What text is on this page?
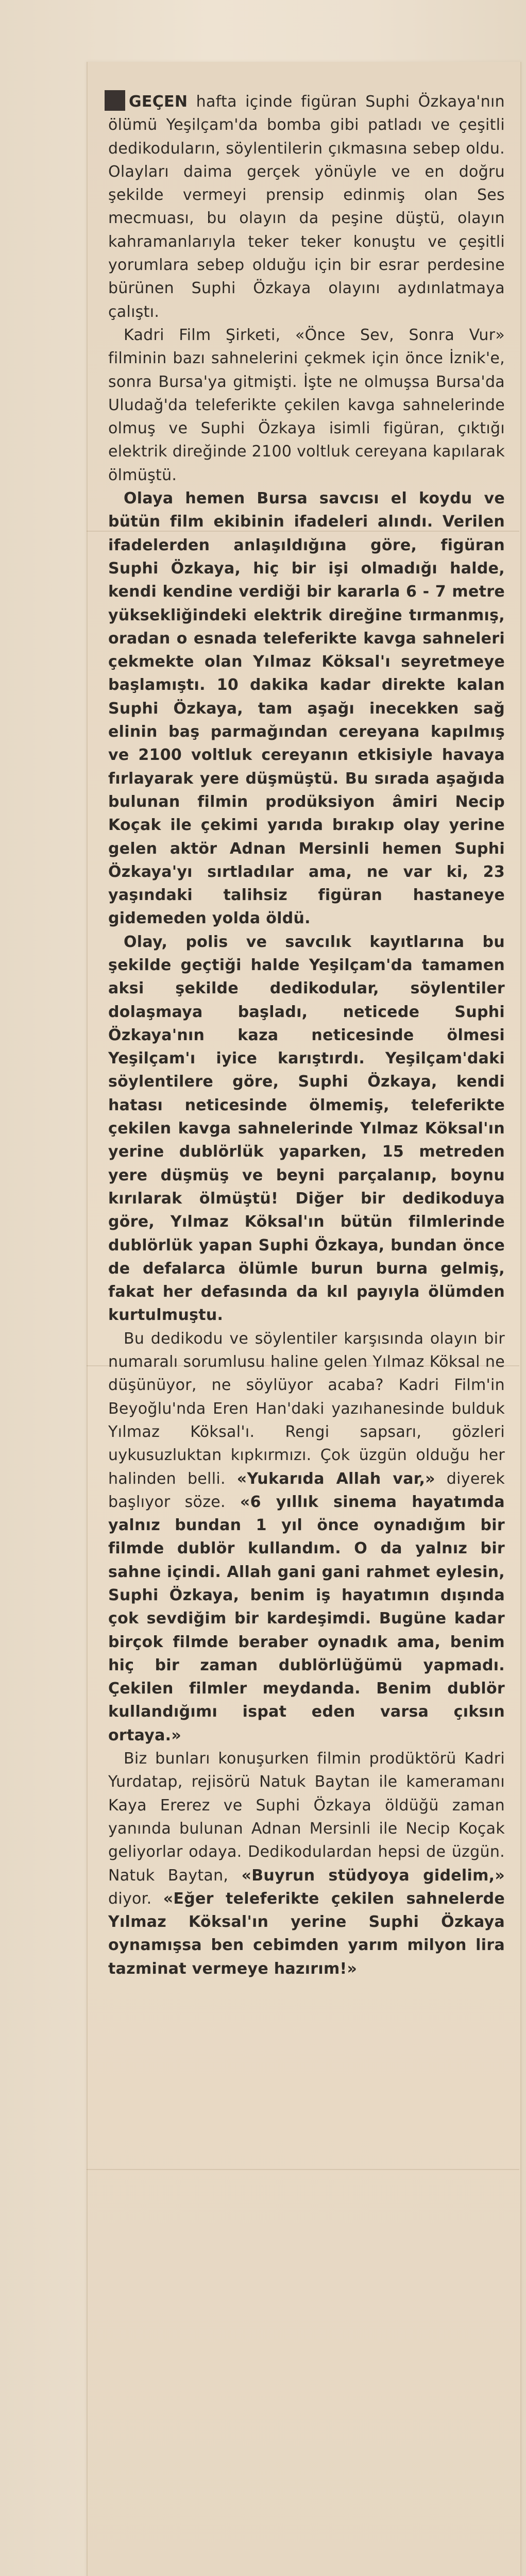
GEÇEN hafta içinde figüran Suphi Özkaya'nın ölümü Yeşilçam'da bomba gibi patladı ve çeşitli dedikoduların, söylentilerin çıkmasına sebep oldu. Olayları daima gerçek yönüyle ve en doğru şekilde vermeyi prensip edinmiş olan Ses mecmuası, bu olayın da peşine düştü, olayın kahramanlarıyla teker teker konuştu ve çeşitli yorumlara sebep olduğu için bir esrar perdesine bürünen Suphi Özkaya olayını aydınlatmaya çalıştı.

Kadri Film Şirketi, «Önce Sev, Sonra Vur» filminin bazı sahnelerini çekmek için önce İznik'e, sonra Bursa'ya gitmişti. İşte ne olmuşsa Bursa'da Uludağ'da teleferikte çekilen kavga sahnelerinde olmuş ve Suphi Özkaya isimli figüran, çıktığı elektrik direğinde 2100 voltluk cereyana kapılarak ölmüştü.

Olaya hemen Bursa savcısı el koydu ve bütün film ekibinin ifadeleri alındı. Verilen ifadelerden anlaşıldığına göre, figüran Suphi Özkaya, hiç bir işi olmadığı halde, kendi kendine verdiği bir kararla 6 - 7 metre yüksekliğindeki elektrik direğine tırmanmış, oradan o esnada teleferikte kavga sahneleri çekmekte olan Yılmaz Köksal'ı seyretmeye başlamıştı. 10 dakika kadar direkte kalan Suphi Özkaya, tam aşağı inecekken sağ elinin baş parmağından cereyana kapılmış ve 2100 voltluk cereyanın etkisiyle havaya fırlayarak yere düşmüştü. Bu sırada aşağıda bulunan filmin prodüksiyon âmiri Necip Koçak ile çekimi yarıda bırakıp olay yerine gelen aktör Adnan Mersinli hemen Suphi Özkaya'yı sırtladılar ama, ne var ki, 23 yaşındaki talihsiz figüran hastaneye gidemeden yolda öldü.

Olay, polis ve savcılık kayıtlarına bu şekilde geçtiği halde Yeşilçam'da tamamen aksi şekilde dedikodular, söylentiler dolaşmaya başladı, neticede Suphi Özkaya'nın kaza neticesinde ölmesi Yeşilçam'ı iyice karıştırdı. Yeşilçam'daki söylentilere göre, Suphi Özkaya, kendi hatası neticesinde ölmemiş, teleferikte çekilen kavga sahnelerinde Yılmaz Köksal'ın yerine dublörlük yaparken, 15 metreden yere düşmüş ve beyni parçalanıp, boynu kırılarak ölmüştü! Diğer bir dedikoduya göre, Yılmaz Köksal'ın bütün filmlerinde dublörlük yapan Suphi Özkaya, bundan önce de defalarca ölümle burun burna gelmiş, fakat her defasında da kıl payıyla ölümden kurtulmuştu.

Bu dedikodu ve söylentiler karşısında olayın bir numaralı sorumlusu haline gelen Yılmaz Köksal ne düşünüyor, ne söylüyor acaba? Kadri Film'in Beyoğlu'nda Eren Han'daki yazıhanesinde bulduk Yılmaz Köksal'ı. Rengi sapsarı, gözleri uykusuzluktan kıpkırmızı. Çok üzgün olduğu her halinden belli. «Yukarıda Allah var,» diyerek başlıyor söze. «6 yıllık sinema hayatımda yalnız bundan 1 yıl önce oynadığım bir filmde dublör kullandım. O da yalnız bir sahne içindi. Allah gani gani rahmet eylesin, Suphi Özkaya, benim iş hayatımın dışında çok sevdiğim bir kardeşimdi. Bugüne kadar birçok filmde beraber oynadık ama, benim hiç bir zaman dublörlüğümü yapmadı. Çekilen filmler meydanda. Benim dublör kullandığımı ispat eden varsa çıksın ortaya.»

Biz bunları konuşurken filmin prodüktörü Kadri Yurdatap, rejisörü Natuk Baytan ile kameramanı Kaya Ererez ve Suphi Özkaya öldüğü zaman yanında bulunan Adnan Mersinli ile Necip Koçak geliyorlar odaya. Dedikodulardan hepsi de üzgün. Natuk Baytan, «Buyrun stüdyoya gidelim,» diyor. «Eğer teleferikte çekilen sahnelerde Yılmaz Köksal'ın yerine Suphi Özkaya oynamışsa ben cebimden yarım milyon lira tazminat vermeye hazırım!»
